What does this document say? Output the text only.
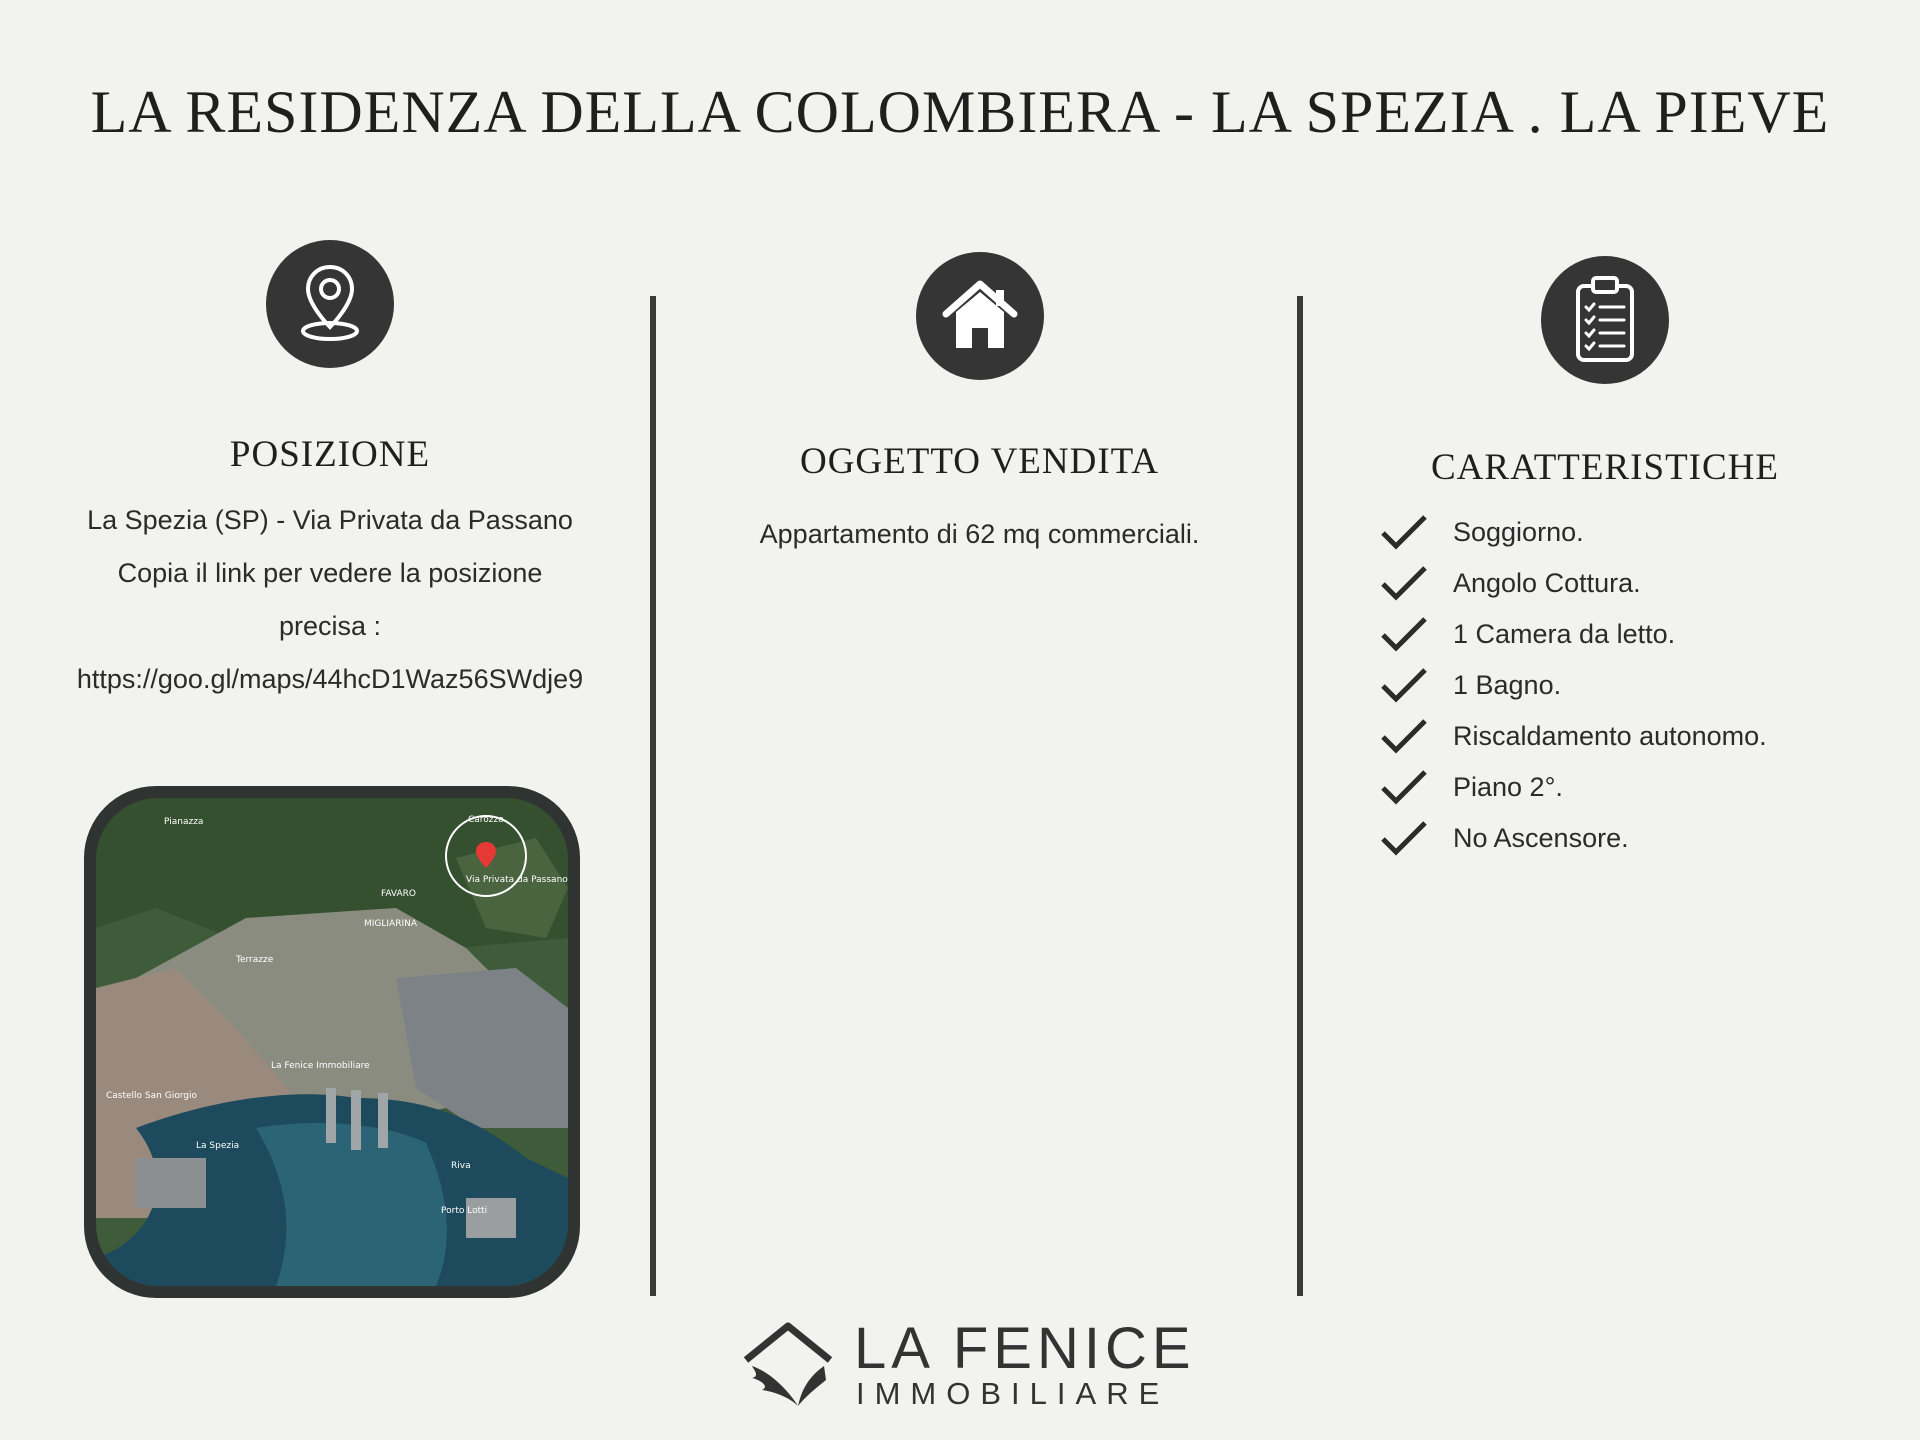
LA RESIDENZA DELLA COLOMBIERA - LA SPEZIA . LA PIEVE
POSIZIONE
La Spezia (SP) - Via Privata da Passano
Copia il link per vedere la posizione
precisa :
https://goo.gl/maps/44hcD1Waz56SWdje9
OGGETTO VENDITA
Appartamento di 62 mq commerciali.
CARATTERISTICHE
Soggiorno.
Angolo Cottura.
1 Camera da letto.
1 Bagno.
Riscaldamento autonomo.
Piano 2°.
No Ascensore.
Pianazza	Carozzo
Via Privata da Passano
MIGLIARINA
FAVARO
Terrazze
La Fenice Immobiliare
Castello San Giorgio
La Spezia
Porto Lotti
Riva
LA FENICE
IMMOBILIARE
